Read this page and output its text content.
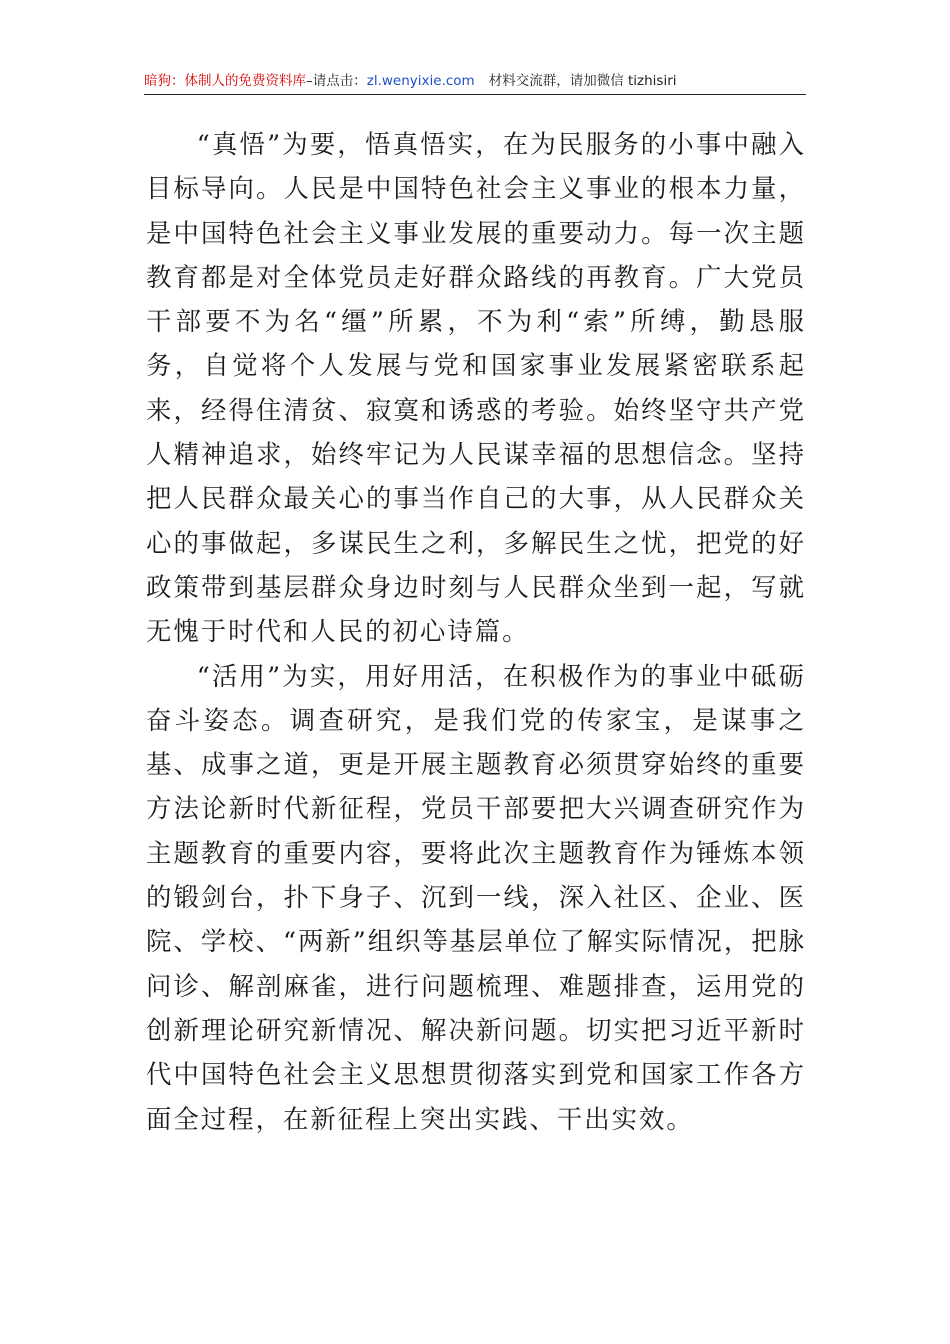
暗狗：体制人的免费资料库–请点击：zl.wenyixie.com 材料交流群，请加微信 tizhisiri

“真悟”为要，悟真悟实，在为民服务的小事中融入目标导向。人民是中国特色社会主义事业的根本力量，是中国特色社会主义事业发展的重要动力。每一次主题教育都是对全体党员走好群众路线的再教育。广大党员干部要不为名“缰”所累，不为利“索”所缚，勤恳服务，自觉将个人发展与党和国家事业发展紧密联系起来，经得住清贫、寂寞和诱惑的考验。始终坚守共产党人精神追求，始终牢记为人民谋幸福的思想信念。坚持把人民群众最关心的事当作自己的大事，从人民群众关心的事做起，多谋民生之利，多解民生之忧，把党的好政策带到基层群众身边时刻与人民群众坐到一起，写就无愧于时代和人民的初心诗篇。

“活用”为实，用好用活，在积极作为的事业中砥砺奋斗姿态。调查研究，是我们党的传家宝，是谋事之基、成事之道，更是开展主题教育必须贯穿始终的重要方法论新时代新征程，党员干部要把大兴调查研究作为主题教育的重要内容，要将此次主题教育作为锤炼本领的锻剑台，扑下身子、沉到一线，深入社区、企业、医院、学校、“两新”组织等基层单位了解实际情况，把脉问诊、解剖麻雀，进行问题梳理、难题排查，运用党的创新理论研究新情况、解决新问题。切实把习近平新时代中国特色社会主义思想贯彻落实到党和国家工作各方面全过程，在新征程上突出实践、干出实效。
